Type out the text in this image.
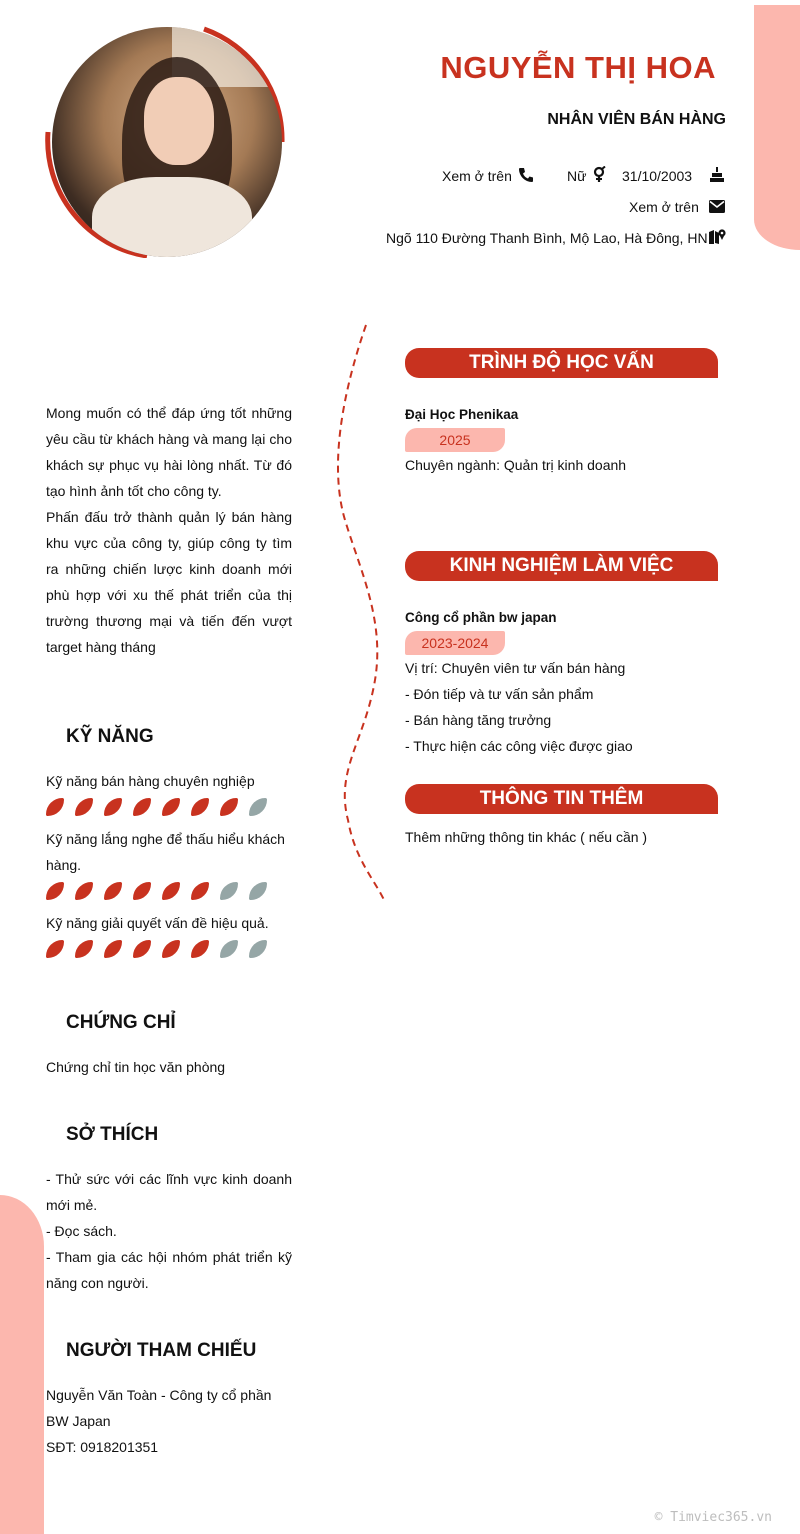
NGUYỄN THỊ HOA
NHÂN VIÊN BÁN HÀNG
Xem ở trên	Nữ	31/10/2003
Xem ở trên
Ngõ 110 Đường Thanh Bình, Mộ Lao, Hà Đông, HN

Mong muốn có thể đáp ứng tốt những yêu cầu từ khách hàng và mang lại cho khách sự phục vụ hài lòng nhất. Từ đó tạo hình ảnh tốt cho công ty.

Phấn đấu trở thành quản lý bán hàng khu vực của công ty, giúp công ty tìm ra những chiến lược kinh doanh mới phù hợp với xu thế phát triển của thị trường thương mại và tiến đến vượt target hàng tháng

KỸ NĂNG
Kỹ năng bán hàng chuyên nghiệp
Kỹ năng lắng nghe để thấu hiểu khách hàng.
Kỹ năng giải quyết vấn đề hiệu quả.
CHỨNG CHỈ
Chứng chỉ tin học văn phòng
SỞ THÍCH

- Thử sức với các lĩnh vực kinh doanh mới mẻ.

- Đọc sách.

- Tham gia các hội nhóm phát triển kỹ năng con người.

NGƯỜI THAM CHIẾU

Nguyễn Văn Toàn - Công ty cổ phần BW Japan

SĐT: 0918201351

TRÌNH ĐỘ HỌC VẤN
Đại Học Phenikaa
2025
Chuyên ngành: Quản trị kinh doanh
KINH NGHIỆM LÀM VIỆC
Công cổ phần bw japan
2023-2024
Vị trí: Chuyên viên tư vấn bán hàng
- Đón tiếp và tư vấn sản phẩm
- Bán hàng tăng trưởng
- Thực hiện các công việc được giao
THÔNG TIN THÊM
Thêm những thông tin khác ( nếu cần )
© Timviec365.vn
